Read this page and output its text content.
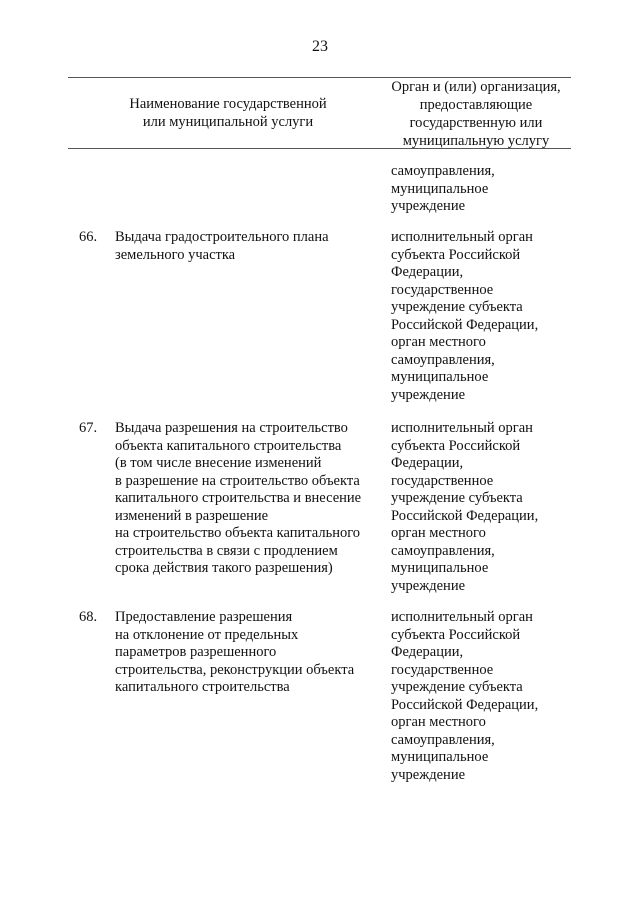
23
Наименование государственной
или муниципальной услуги
Орган и (или) организация,
предоставляющие
государственную или
муниципальную услугу
самоуправления,
муниципальное
учреждение
66. Выдача градостроительного плана
земельного участка
исполнительный орган
субъекта Российской
Федерации,
государственное
учреждение субъекта
Российской Федерации,
орган местного
самоуправления,
муниципальное
учреждение
67. Выдача разрешения на строительство
объекта капитального строительства
(в том числе внесение изменений
в разрешение на строительство объекта
капитального строительства и внесение
изменений в разрешение
на строительство объекта капитального
строительства в связи с продлением
срока действия такого разрешения)
исполнительный орган
субъекта Российской
Федерации,
государственное
учреждение субъекта
Российской Федерации,
орган местного
самоуправления,
муниципальное
учреждение
68. Предоставление разрешения
на отклонение от предельных
параметров разрешенного
строительства, реконструкции объекта
капитального строительства
исполнительный орган
субъекта Российской
Федерации,
государственное
учреждение субъекта
Российской Федерации,
орган местного
самоуправления,
муниципальное
учреждение
